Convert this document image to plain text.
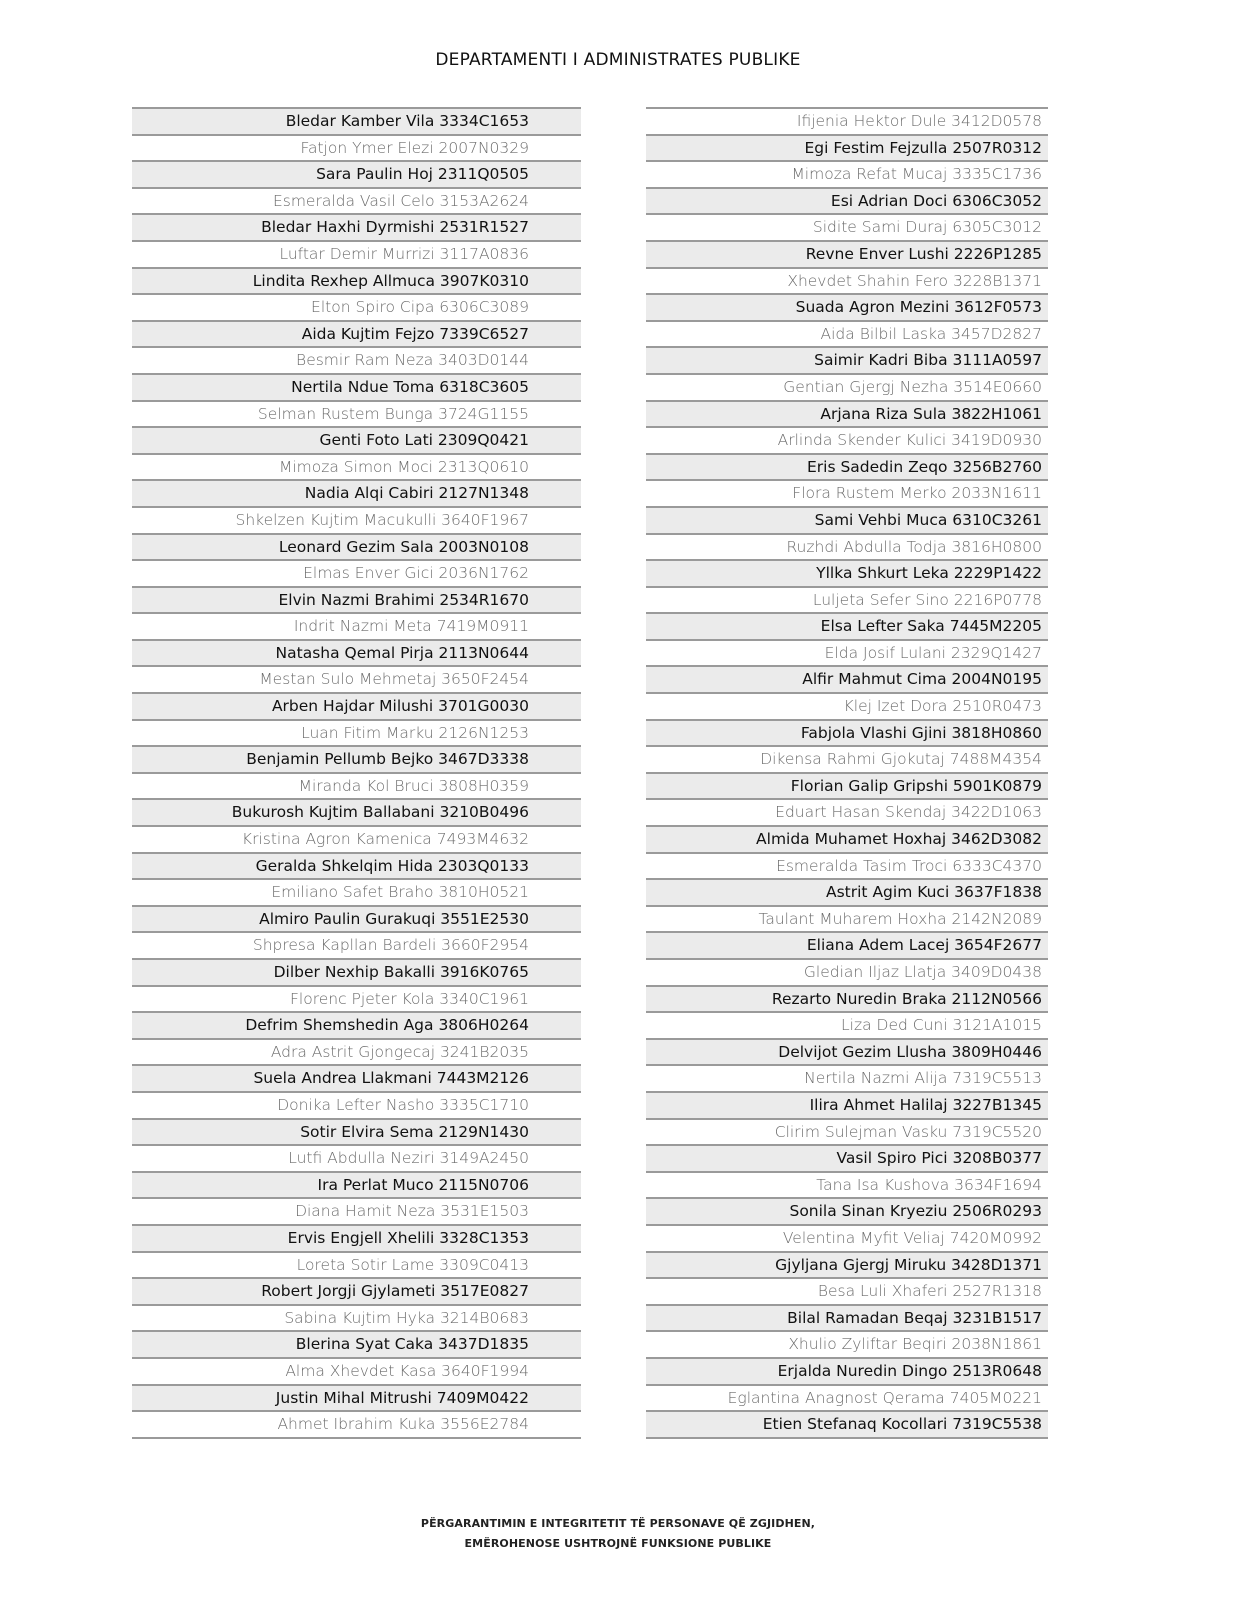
DEPARTAMENTI I ADMINISTRATES PUBLIKE
Bledar Kamber Vila 3334C1653
Fatjon Ymer Elezi 2007N0329
Sara Paulin Hoj 2311Q0505
Esmeralda Vasil Celo 3153A2624
Bledar Haxhi Dyrmishi 2531R1527
Luftar Demir Murrizi 3117A0836
Lindita Rexhep Allmuca 3907K0310
Elton Spiro Cipa 6306C3089
Aida Kujtim Fejzo 7339C6527
Besmir Ram Neza 3403D0144
Nertila Ndue Toma 6318C3605
Selman Rustem Bunga 3724G1155
Genti Foto Lati 2309Q0421
Mimoza Simon Moci 2313Q0610
Nadia Alqi Cabiri 2127N1348
Shkelzen Kujtim Macukulli 3640F1967
Leonard Gezim Sala 2003N0108
Elmas Enver Gici 2036N1762
Elvin Nazmi Brahimi 2534R1670
Indrit Nazmi Meta 7419M0911
Natasha Qemal Pirja 2113N0644
Mestan Sulo Mehmetaj 3650F2454
Arben Hajdar Milushi 3701G0030
Luan Fitim Marku 2126N1253
Benjamin Pellumb Bejko 3467D3338
Miranda Kol Bruci 3808H0359
Bukurosh Kujtim Ballabani 3210B0496
Kristina Agron Kamenica 7493M4632
Geralda Shkelqim Hida 2303Q0133
Emiliano Safet Braho 3810H0521
Almiro Paulin Gurakuqi 3551E2530
Shpresa Kapllan Bardeli 3660F2954
Dilber Nexhip Bakalli 3916K0765
Florenc Pjeter Kola 3340C1961
Defrim Shemshedin Aga 3806H0264
Adra Astrit Gjongecaj 3241B2035
Suela Andrea Llakmani 7443M2126
Donika Lefter Nasho 3335C1710
Sotir Elvira Sema 2129N1430
Lutfi Abdulla Neziri 3149A2450
Ira Perlat Muco 2115N0706
Diana Hamit Neza 3531E1503
Ervis Engjell Xhelili 3328C1353
Loreta Sotir Lame 3309C0413
Robert Jorgji Gjylameti 3517E0827
Sabina Kujtim Hyka 3214B0683
Blerina Syat Caka 3437D1835
Alma Xhevdet Kasa 3640F1994
Justin Mihal Mitrushi 7409M0422
Ahmet Ibrahim Kuka 3556E2784
Ifijenia Hektor Dule 3412D0578
Egi Festim Fejzulla 2507R0312
Mimoza Refat Mucaj 3335C1736
Esi Adrian Doci 6306C3052
Sidite Sami Duraj 6305C3012
Revne Enver Lushi 2226P1285
Xhevdet Shahin Fero 3228B1371
Suada Agron Mezini 3612F0573
Aida Bilbil Laska 3457D2827
Saimir Kadri Biba 3111A0597
Gentian Gjergj Nezha 3514E0660
Arjana Riza Sula 3822H1061
Arlinda Skender Kulici 3419D0930
Eris Sadedin Zeqo 3256B2760
Flora Rustem Merko 2033N1611
Sami Vehbi Muca 6310C3261
Ruzhdi Abdulla Todja 3816H0800
Yllka Shkurt Leka 2229P1422
Luljeta Sefer Sino 2216P0778
Elsa Lefter Saka 7445M2205
Elda Josif Lulani 2329Q1427
Alfir Mahmut Cima 2004N0195
Klej Izet Dora 2510R0473
Fabjola Vlashi Gjini 3818H0860
Dikensa Rahmi Gjokutaj 7488M4354
Florian Galip Gripshi 5901K0879
Eduart Hasan Skendaj 3422D1063
Almida Muhamet Hoxhaj 3462D3082
Esmeralda Tasim Troci 6333C4370
Astrit Agim Kuci 3637F1838
Taulant Muharem Hoxha 2142N2089
Eliana Adem Lacej 3654F2677
Gledian Iljaz Llatja 3409D0438
Rezarto Nuredin Braka 2112N0566
Liza Ded Cuni 3121A1015
Delvijot Gezim Llusha 3809H0446
Nertila Nazmi Alija 7319C5513
Ilira Ahmet Halilaj 3227B1345
Clirim Sulejman Vasku 7319C5520
Vasil Spiro Pici 3208B0377
Tana Isa Kushova 3634F1694
Sonila Sinan Kryeziu 2506R0293
Velentina Myfit Veliaj 7420M0992
Gjyljana Gjergj Miruku 3428D1371
Besa Luli Xhaferi 2527R1318
Bilal Ramadan Beqaj 3231B1517
Xhulio Zyliftar Beqiri 2038N1861
Erjalda Nuredin Dingo 2513R0648
Eglantina Anagnost Qerama 7405M0221
Etien Stefanaq Kocollari 7319C5538
PËRGARANTIMIN E INTEGRITETIT TË PERSONAVE QË ZGJIDHEN,
EMËROHENOSE USHTROJNË FUNKSIONE PUBLIKE
